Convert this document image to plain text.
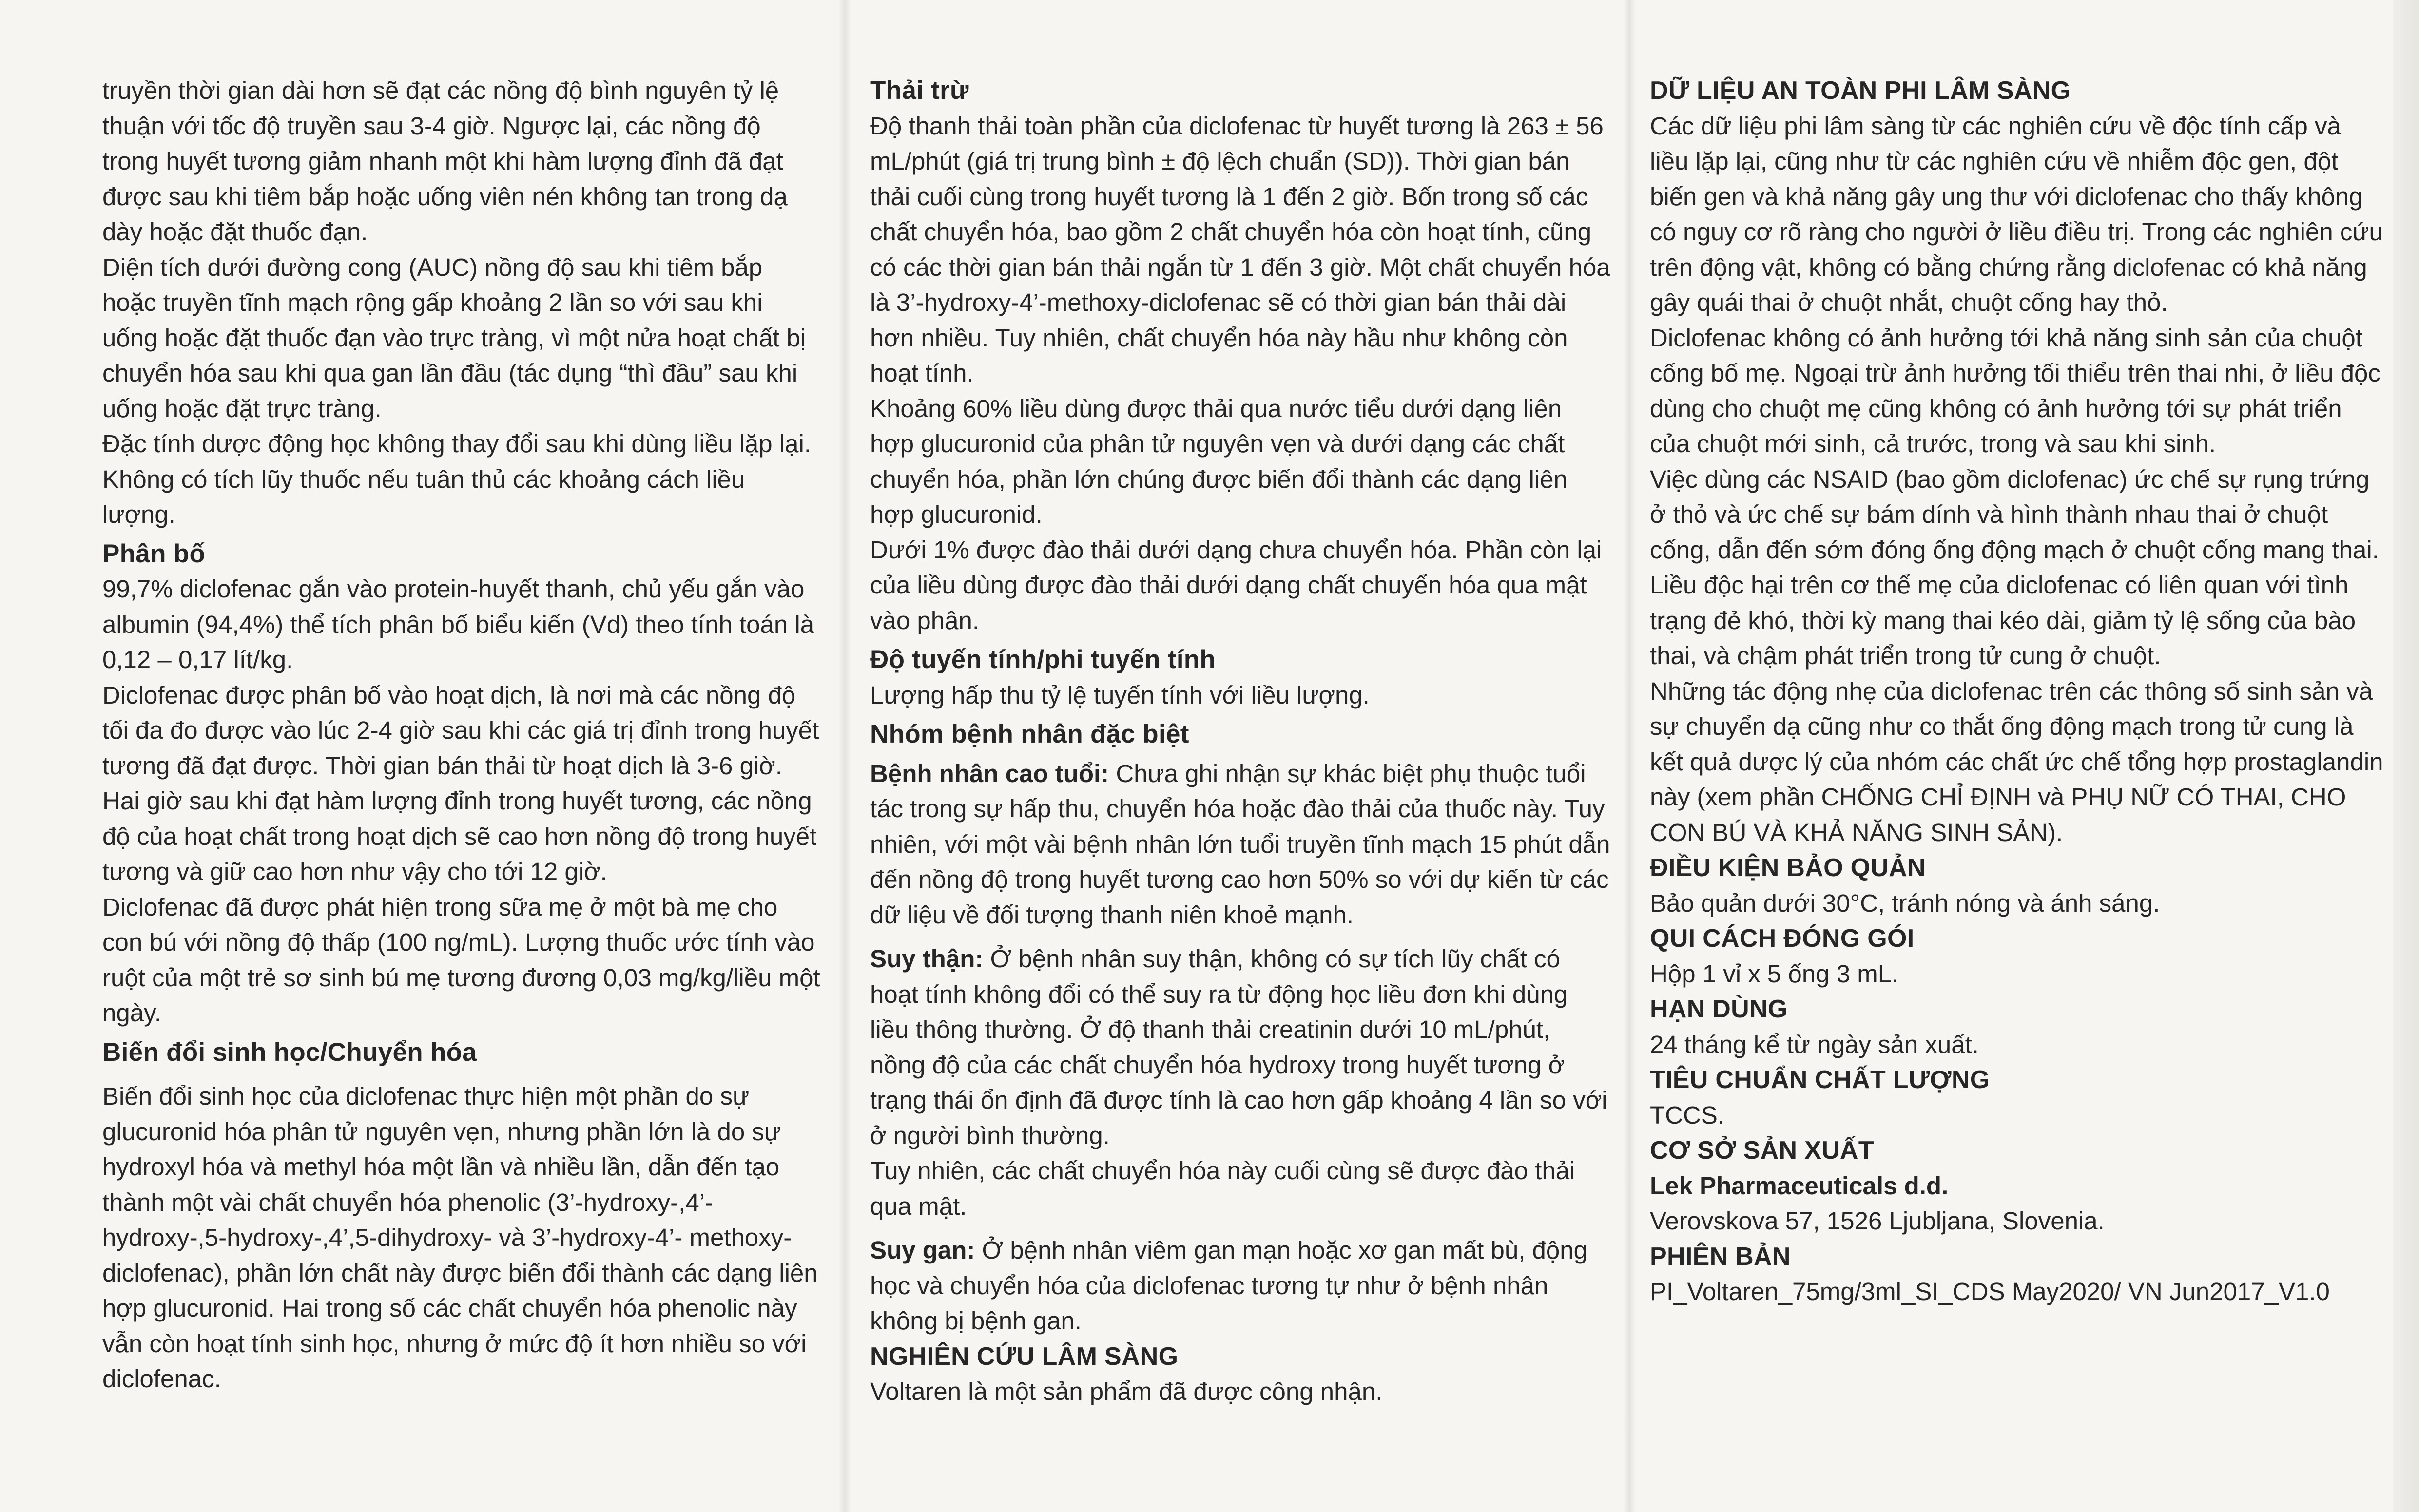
truyền thời gian dài hơn sẽ đạt các nồng độ bình nguyên tỷ lệ thuận với tốc độ truyền sau 3-4 giờ. Ngược lại, các nồng độ trong huyết tương giảm nhanh một khi hàm lượng đỉnh đã đạt được sau khi tiêm bắp hoặc uống viên nén không tan trong dạ dày hoặc đặt thuốc đạn.

Diện tích dưới đường cong (AUC) nồng độ sau khi tiêm bắp hoặc truyền tĩnh mạch rộng gấp khoảng 2 lần so với sau khi uống hoặc đặt thuốc đạn vào trực tràng, vì một nửa hoạt chất bị chuyển hóa sau khi qua gan lần đầu (tác dụng “thì đầu” sau khi uống hoặc đặt trực tràng.

Đặc tính dược động học không thay đổi sau khi dùng liều lặp lại. Không có tích lũy thuốc nếu tuân thủ các khoảng cách liều lượng.

Phân bố

99,7% diclofenac gắn vào protein-huyết thanh, chủ yếu gắn vào albumin (94,4%) thể tích phân bố biểu kiến (Vd) theo tính toán là 0,12 – 0,17 lít/kg.

Diclofenac được phân bố vào hoạt dịch, là nơi mà các nồng độ tối đa đo được vào lúc 2-4 giờ sau khi các giá trị đỉnh trong huyết tương đã đạt được. Thời gian bán thải từ hoạt dịch là 3-6 giờ. Hai giờ sau khi đạt hàm lượng đỉnh trong huyết tương, các nồng độ của hoạt chất trong hoạt dịch sẽ cao hơn nồng độ trong huyết tương và giữ cao hơn như vậy cho tới 12 giờ.

Diclofenac đã được phát hiện trong sữa mẹ ở một bà mẹ cho con bú với nồng độ thấp (100 ng/mL). Lượng thuốc ước tính vào ruột của một trẻ sơ sinh bú mẹ tương đương 0,03 mg/kg/liều một ngày.

Biến đổi sinh học/Chuyển hóa

Biến đổi sinh học của diclofenac thực hiện một phần do sự glucuronid hóa phân tử nguyên vẹn, nhưng phần lớn là do sự hydroxyl hóa và methyl hóa một lần và nhiều lần, dẫn đến tạo thành một vài chất chuyển hóa phenolic (3’-hydroxy-,4’-hydroxy-,5-hydroxy-,4’,5-dihydroxy- và 3’-hydroxy-4’- methoxy-diclofenac), phần lớn chất này được biến đổi thành các dạng liên hợp glucuronid. Hai trong số các chất chuyển hóa phenolic này vẫn còn hoạt tính sinh học, nhưng ở mức độ ít hơn nhiều so với diclofenac.

Thải trừ

Độ thanh thải toàn phần của diclofenac từ huyết tương là 263 ± 56 mL/phút (giá trị trung bình ± độ lệch chuẩn (SD)). Thời gian bán thải cuối cùng trong huyết tương là 1 đến 2 giờ. Bốn trong số các chất chuyển hóa, bao gồm 2 chất chuyển hóa còn hoạt tính, cũng có các thời gian bán thải ngắn từ 1 đến 3 giờ. Một chất chuyển hóa là 3’-hydroxy-4’-methoxy-diclofenac sẽ có thời gian bán thải dài hơn nhiều. Tuy nhiên, chất chuyển hóa này hầu như không còn hoạt tính.

Khoảng 60% liều dùng được thải qua nước tiểu dưới dạng liên hợp glucuronid của phân tử nguyên vẹn và dưới dạng các chất chuyển hóa, phần lớn chúng được biến đổi thành các dạng liên hợp glucuronid.

Dưới 1% được đào thải dưới dạng chưa chuyển hóa. Phần còn lại của liều dùng được đào thải dưới dạng chất chuyển hóa qua mật vào phân.

Độ tuyến tính/phi tuyến tính

Lượng hấp thu tỷ lệ tuyến tính với liều lượng.

Nhóm bệnh nhân đặc biệt

Bệnh nhân cao tuổi: Chưa ghi nhận sự khác biệt phụ thuộc tuổi tác trong sự hấp thu, chuyển hóa hoặc đào thải của thuốc này. Tuy nhiên, với một vài bệnh nhân lớn tuổi truyền tĩnh mạch 15 phút dẫn đến nồng độ trong huyết tương cao hơn 50% so với dự kiến từ các dữ liệu về đối tượng thanh niên khoẻ mạnh.

Suy thận: Ở bệnh nhân suy thận, không có sự tích lũy chất có hoạt tính không đổi có thể suy ra từ động học liều đơn khi dùng liều thông thường. Ở độ thanh thải creatinin dưới 10 mL/phút, nồng độ của các chất chuyển hóa hydroxy trong huyết tương ở trạng thái ổn định đã được tính là cao hơn gấp khoảng 4 lần so với ở người bình thường.

Tuy nhiên, các chất chuyển hóa này cuối cùng sẽ được đào thải qua mật.

Suy gan: Ở bệnh nhân viêm gan mạn hoặc xơ gan mất bù, động học và chuyển hóa của diclofenac tương tự như ở bệnh nhân không bị bệnh gan.

NGHIÊN CỨU LÂM SÀNG

Voltaren là một sản phẩm đã được công nhận.

DỮ LIỆU AN TOÀN PHI LÂM SÀNG

Các dữ liệu phi lâm sàng từ các nghiên cứu về độc tính cấp và liều lặp lại, cũng như từ các nghiên cứu về nhiễm độc gen, đột biến gen và khả năng gây ung thư với diclofenac cho thấy không có nguy cơ rõ ràng cho người ở liều điều trị. Trong các nghiên cứu trên động vật, không có bằng chứng rằng diclofenac có khả năng gây quái thai ở chuột nhắt, chuột cống hay thỏ.

Diclofenac không có ảnh hưởng tới khả năng sinh sản của chuột cống bố mẹ. Ngoại trừ ảnh hưởng tối thiểu trên thai nhi, ở liều độc dùng cho chuột mẹ cũng không có ảnh hưởng tới sự phát triển của chuột mới sinh, cả trước, trong và sau khi sinh.

Việc dùng các NSAID (bao gồm diclofenac) ức chế sự rụng trứng ở thỏ và ức chế sự bám dính và hình thành nhau thai ở chuột cống, dẫn đến sớm đóng ống động mạch ở chuột cống mang thai. Liều độc hại trên cơ thể mẹ của diclofenac có liên quan với tình trạng đẻ khó, thời kỳ mang thai kéo dài, giảm tỷ lệ sống của bào thai, và chậm phát triển trong tử cung ở chuột.

Những tác động nhẹ của diclofenac trên các thông số sinh sản và sự chuyển dạ cũng như co thắt ống động mạch trong tử cung là kết quả dược lý của nhóm các chất ức chế tổng hợp prostaglandin này (xem phần CHỐNG CHỈ ĐỊNH và PHỤ NỮ CÓ THAI, CHO CON BÚ VÀ KHẢ NĂNG SINH SẢN).

ĐIỀU KIỆN BẢO QUẢN

Bảo quản dưới 30°C, tránh nóng và ánh sáng.

QUI CÁCH ĐÓNG GÓI

Hộp 1 vỉ x 5 ống 3 mL.

HẠN DÙNG

24 tháng kể từ ngày sản xuất.

TIÊU CHUẨN CHẤT LƯỢNG

TCCS.

CƠ SỞ SẢN XUẤT

Lek Pharmaceuticals d.d.

Verovskova 57, 1526 Ljubljana, Slovenia.

PHIÊN BẢN

PI_Voltaren_75mg/3ml_SI_CDS May2020/ VN Jun2017_V1.0
